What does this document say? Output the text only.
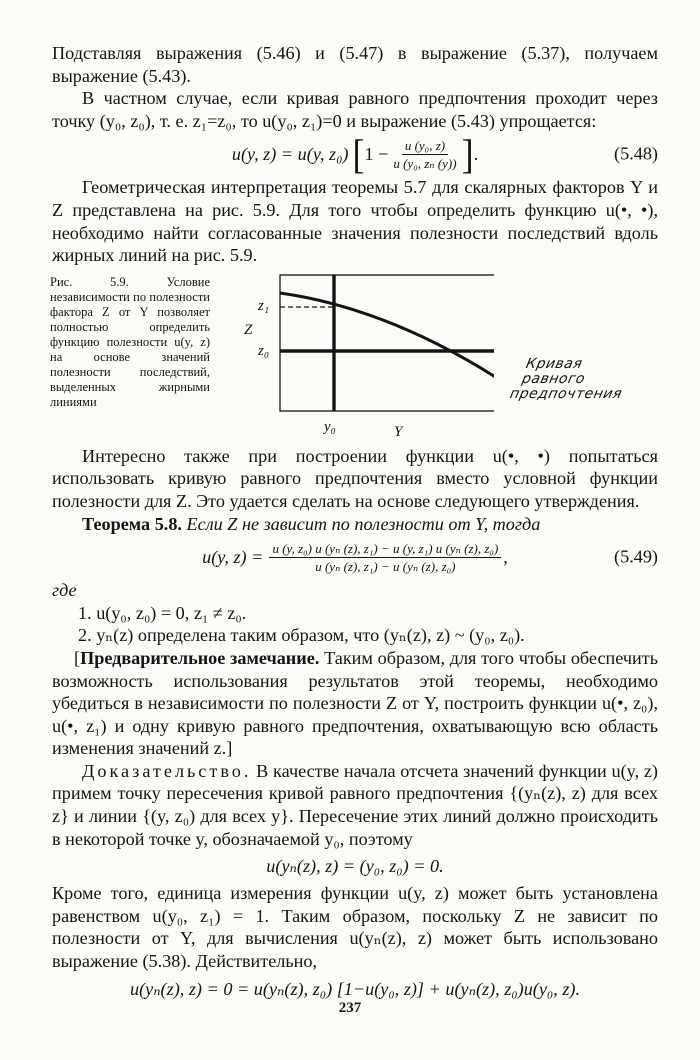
Подставляя выражения (5.46) и (5.47) в выражение (5.37), получаем выражение (5.43).

В частном случае, если кривая равного предпочтения проходит через точку (y₀, z₀), т. е. z₁=z₀, то u(y₀, z₁)=0 и выражение (5.43) упрощается:

u(y, z) = u(y, z₀) [ $1 - \frac{\text{u (y₀, z)}}{\text{u (y₀, zₙ (y))}}$ ] .	(5.48)

Геометрическая интерпретация теоремы 5.7 для скалярных факторов Y и Z представлена на рис. 5.9. Для того чтобы определить функцию u(•, •), необходимо найти согласованные значения полезности последствий вдоль жирных линий на рис. 5.9.

Рис. 5.9. Условие независимости по полезности фактора Z от Y позволяет полностью определить функцию полезности u(y, z) на основе значений полезности последствий, выделенных жирными линиями
z₁
Z
z₀
y₀	Y
Кривая
равного
предпочтения

Интересно также при построении функции u(•, •) попытаться использовать кривую равного предпочтения вместо условной функции полезности для Z. Это удается сделать на основе следующего утверждения.

Теорема 5.8. Если Z не зависит по полезности от Y, тогда

u(y, $z) = \frac{\text{u (y, z₀) u (yₙ (z), z₁) − u (y, z₁) u (yₙ (z), z₀)}}{\text{u (yₙ (z), z₁) − u (yₙ (z), z₀)}}$ ,	(5.49)

где

1. u(y₀, z₀) = 0, z₁ ≠ z₀.

2. yₙ(z) определена таким образом, что (yₙ(z), z) ~ (y₀, z₀).

[Предварительное замечание. Таким образом, для того чтобы обеспечить возможность использования результатов этой теоремы, необходимо убедиться в независимости по полезности Z от Y, построить функции u(•, z₀), u(•, z₁) и одну кривую равного предпочтения, охватывающую всю область изменения значений z.]

Доказательство. В качестве начала отсчета значений функции u(y, z) примем точку пересечения кривой равного предпочтения {(yₙ(z), z) для всех z} и линии {(y, z₀) для всех y}. Пересечение этих линий должно происходить в некоторой точке y, обозначаемой y₀, поэтому

u(yₙ(z), z) = (y₀, z₀) = 0.

Кроме того, единица измерения функции u(y, z) может быть установлена равенством u(y₀, z₁) = 1. Таким образом, поскольку Z не зависит по полезности от Y, для вычисления u(yₙ(z), z) может быть использовано выражение (5.38). Действительно,

u(yₙ(z), z) = 0 = u(yₙ(z), z₀) [1−u(y₀, z)] + u(yₙ(z), z₀)u(y₀, z).
237
